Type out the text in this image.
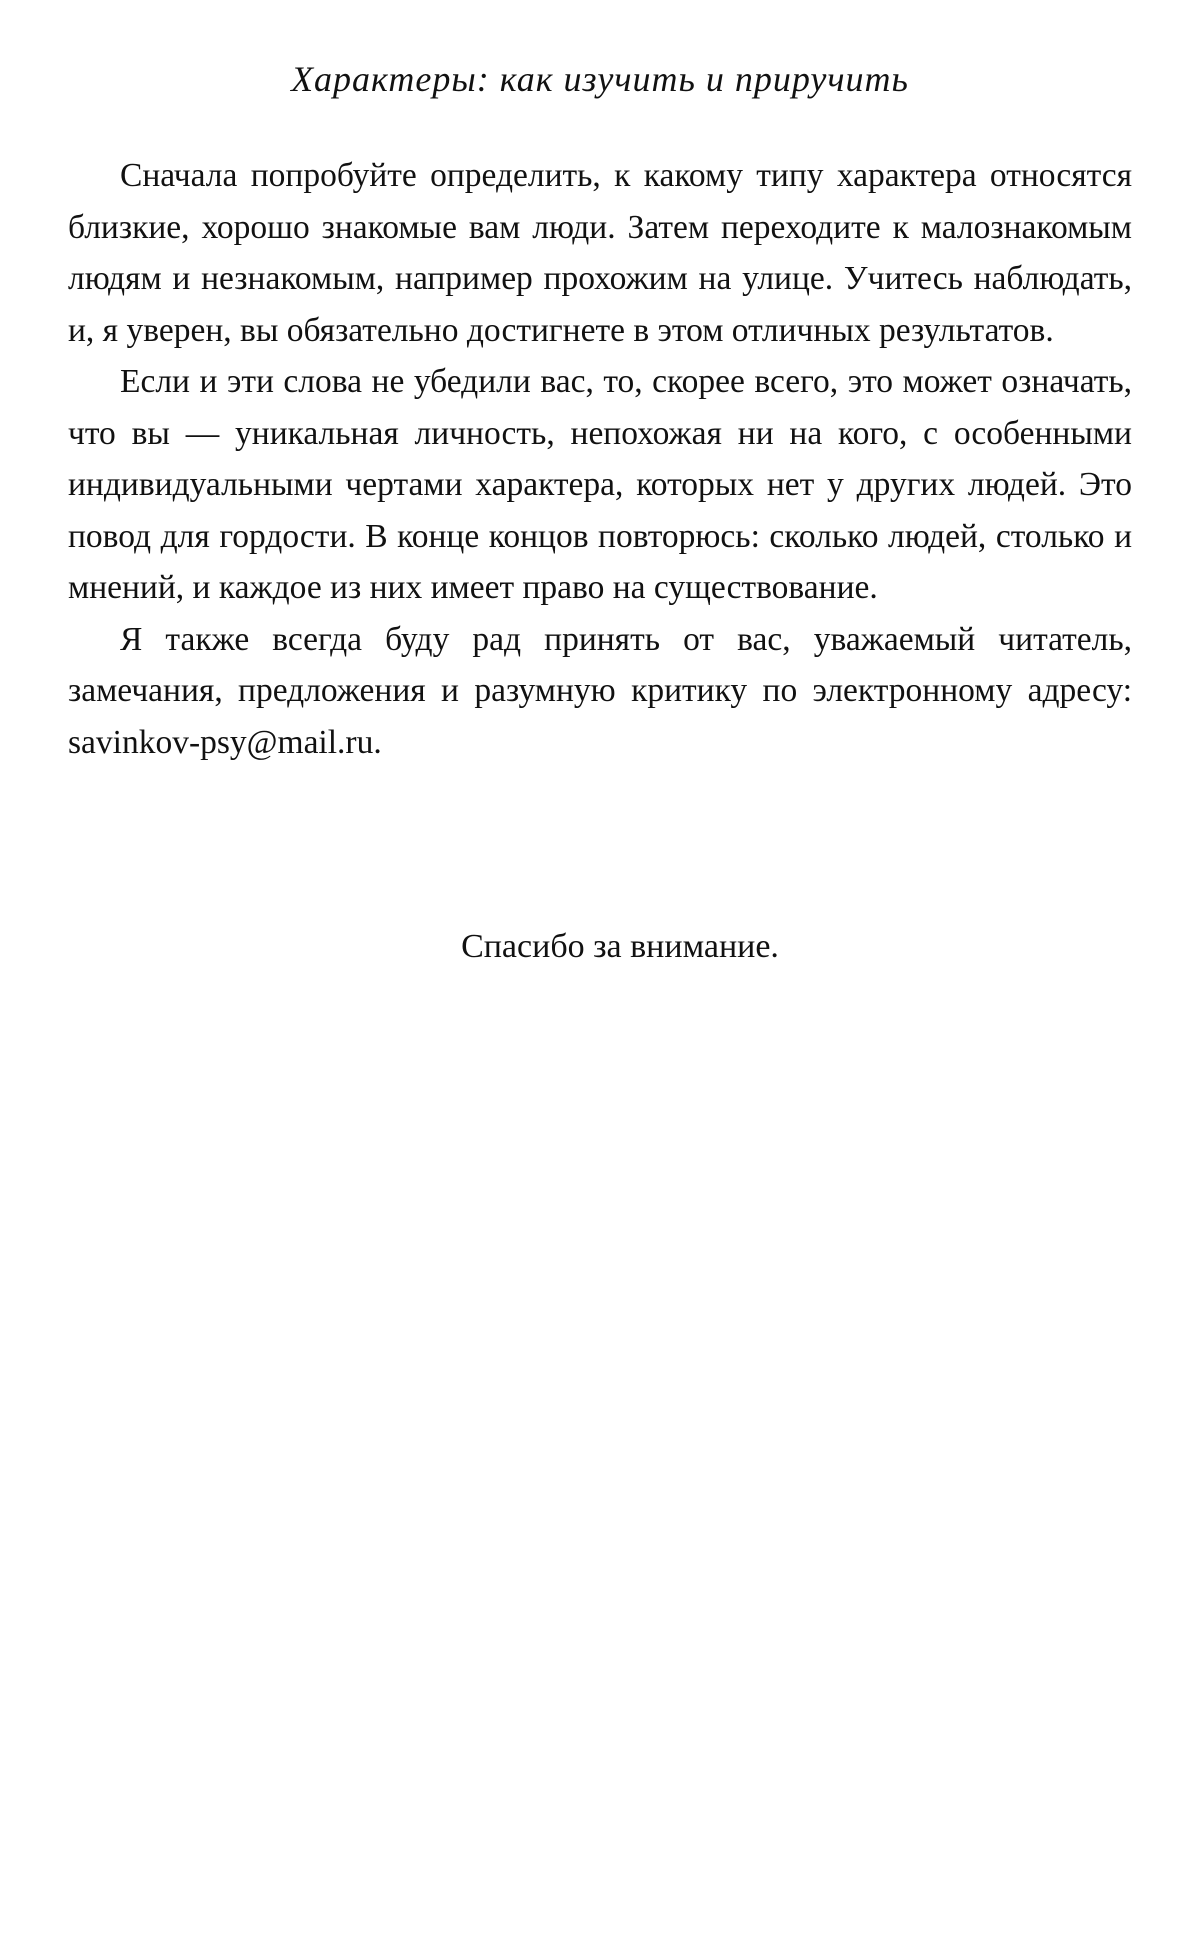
Характеры: как изучить и приручить

Сначала попробуйте определить, к какому типу характера относятся близкие, хорошо знакомые вам люди. Затем переходите к малознакомым людям и незнакомым, например прохожим на улице. Учитесь наблюдать, и, я уверен, вы обязательно достигнете в этом отличных результатов.

Если и эти слова не убедили вас, то, скорее всего, это может означать, что вы — уникальная личность, непохожая ни на кого, с особенными индивидуальными чертами характера, которых нет у других людей. Это повод для гордости. В конце концов повторюсь: сколько людей, столько и мнений, и каждое из них имеет право на существование.

Я также всегда буду рад принять от вас, уважаемый читатель, замечания, предложения и разумную критику по электронному адресу: savinkov-psy@mail.ru.

Спасибо за внимание.
